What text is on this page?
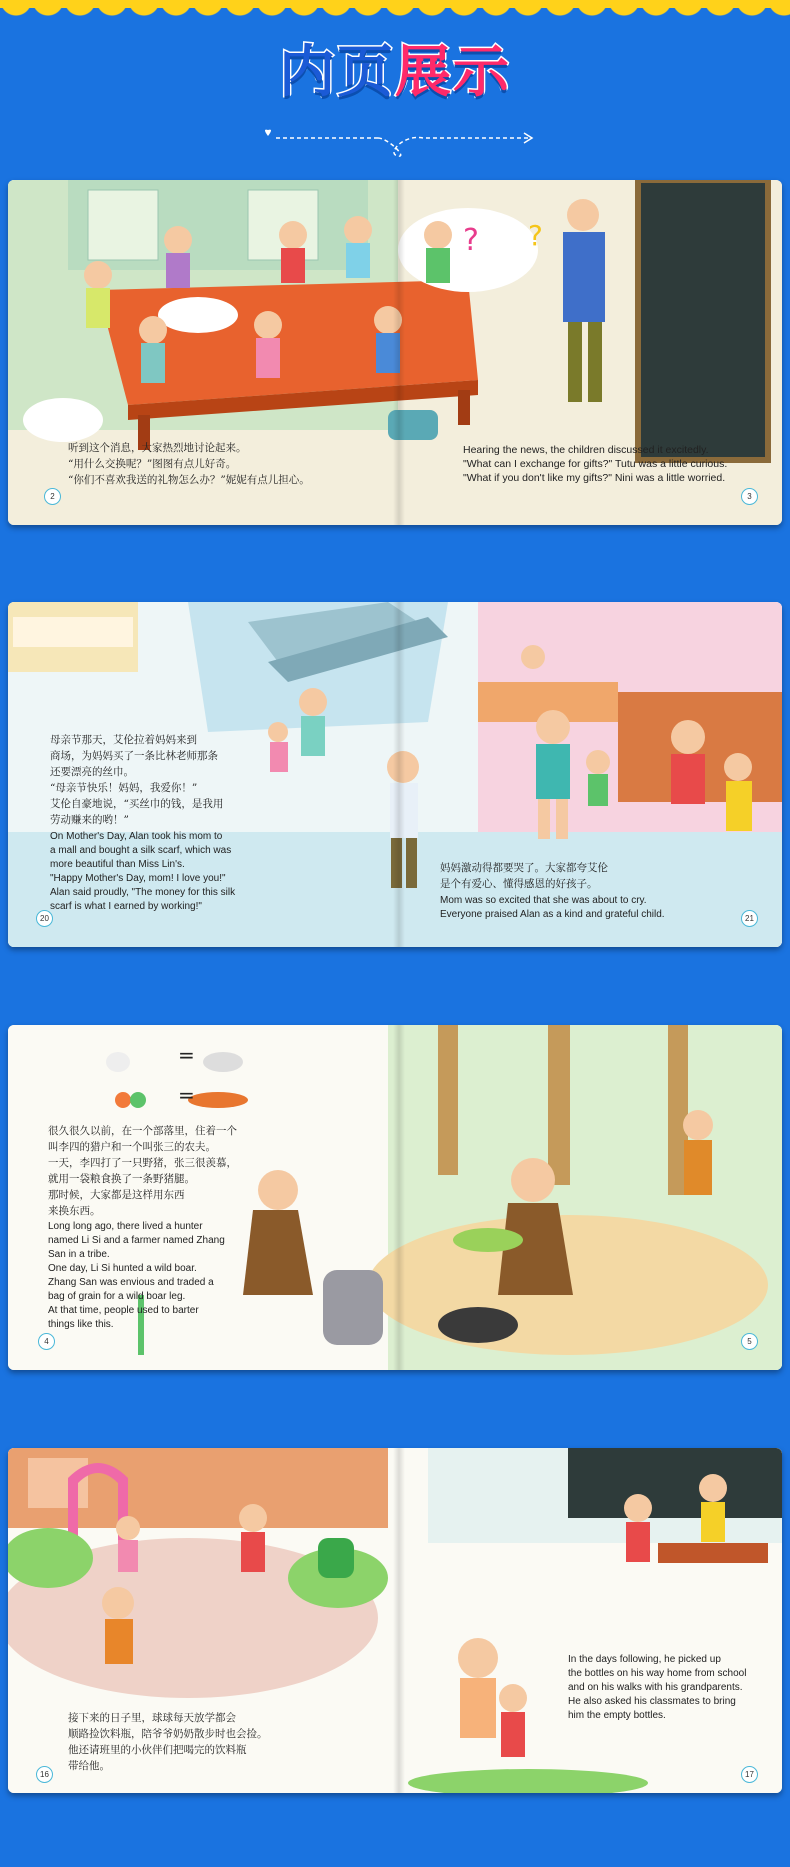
内页展示
? ?
听到这个消息，大家热烈地讨论起来。
“用什么交换呢？”图图有点儿好奇。
“你们不喜欢我送的礼物怎么办？”妮妮有点儿担心。
Hearing the news, the children discussed it excitedly.
"What can I exchange for gifts?" Tutu was a little curious.
"What if you don't like my gifts?" Nini was a little worried.
2	3
母亲节那天，艾伦拉着妈妈来到
商场，为妈妈买了一条比林老师那条
还要漂亮的丝巾。
“母亲节快乐！妈妈，我爱你！”
艾伦自豪地说，“买丝巾的钱，是我用
劳动赚来的哟！”
On Mother's Day, Alan took his mom to
a mall and bought a silk scarf, which was
more beautiful than Miss Lin's.
"Happy Mother's Day, mom! I love you!"
Alan said proudly, "The money for this silk
scarf is what I earned by working!"
妈妈激动得都要哭了。大家都夸艾伦
是个有爱心、懂得感恩的好孩子。
Mom was so excited that she was about to cry.
Everyone praised Alan as a kind and grateful child.
20	21
=
=
很久很久以前，在一个部落里，住着一个
叫李四的猎户和一个叫张三的农夫。
一天，李四打了一只野猪，张三很羡慕，
就用一袋粮食换了一条野猪腿。
那时候，大家都是这样用东西
来换东西。
Long long ago, there lived a hunter
named Li Si and a farmer named Zhang
San in a tribe.
One day, Li Si hunted a wild boar.
Zhang San was envious and traded a
bag of grain for a wild boar leg.
At that time, people used to barter
things like this.
4	5
接下来的日子里，球球每天放学都会
顺路捡饮料瓶，陪爷爷奶奶散步时也会捡。
他还请班里的小伙伴们把喝完的饮料瓶
带给他。
In the days following, he picked up
the bottles on his way home from school
and on his walks with his grandparents.
He also asked his classmates to bring
him the empty bottles.
16	17
